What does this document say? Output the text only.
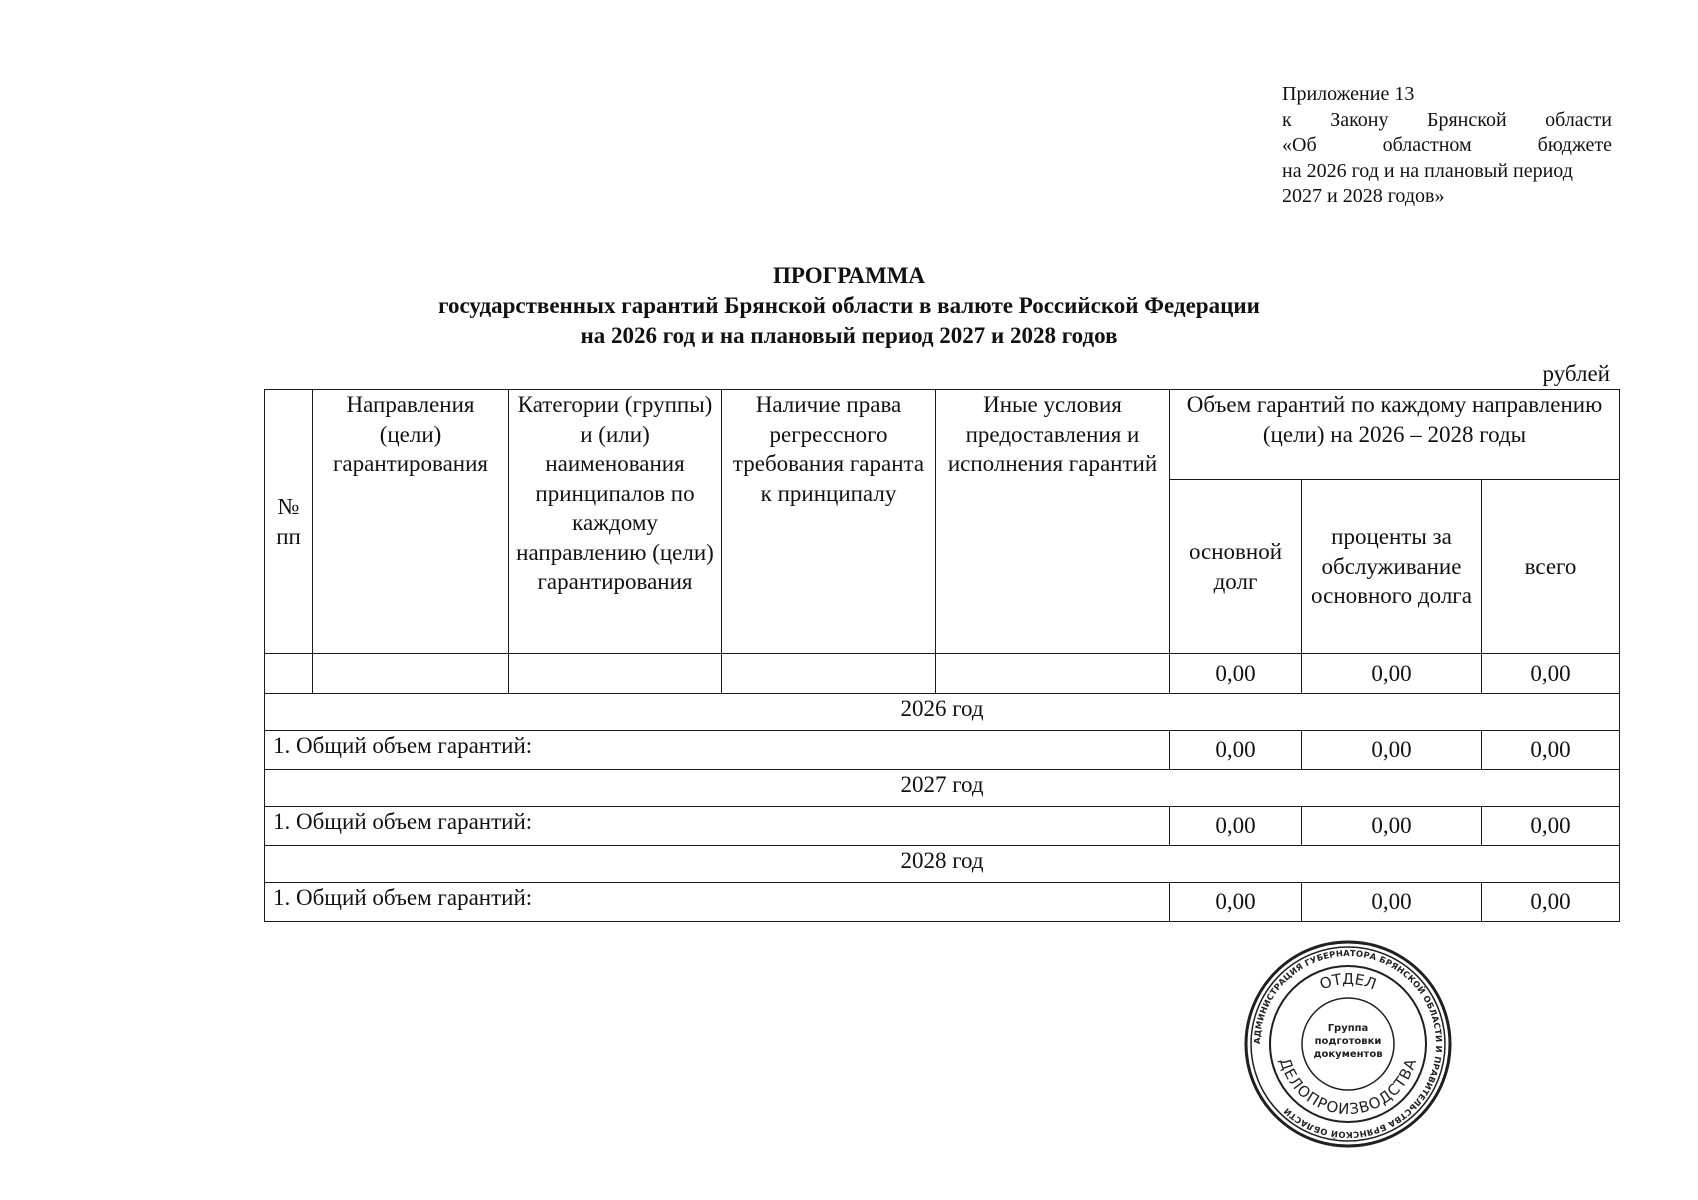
Приложение 13
к Закону Брянской области
«Об областном бюджете
на 2026 год и на плановый период
2027 и 2028 годов»
ПРОГРАММА
государственных гарантий Брянской области в валюте Российской Федерации
на 2026 год и на плановый период 2027 и 2028 годов
рублей
№ пп	Направления (цели) гарантирования	Категории (группы) и (или) наименования принципалов по каждому направлению (цели) гарантирования	Наличие права регрессного требования гаранта к принципалу	Иные условия предоставления и исполнения гарантий	Объем гарантий по каждому направлению (цели) на 2026 – 2028 годы		
					основной долг	проценты за обслуживание основного долга	всего
					0,00	0,00	0,00
2026 год							
1. Общий объем гарантий:					0,00	0,00	0,00
2027 год							
1. Общий объем гарантий:					0,00	0,00	0,00
2028 год							
1. Общий объем гарантий:					0,00	0,00	0,00
АДМИНИСТРАЦИЯ ГУБЕРНАТОРА БРЯНСКОЙ ОБЛАСТИ И ПРАВИТЕЛЬСТВА БРЯНСКОЙ ОБЛАСТИ
ОТДЕЛ
ДЕЛОПРОИЗВОДСТВА
Группа подготовки документов
